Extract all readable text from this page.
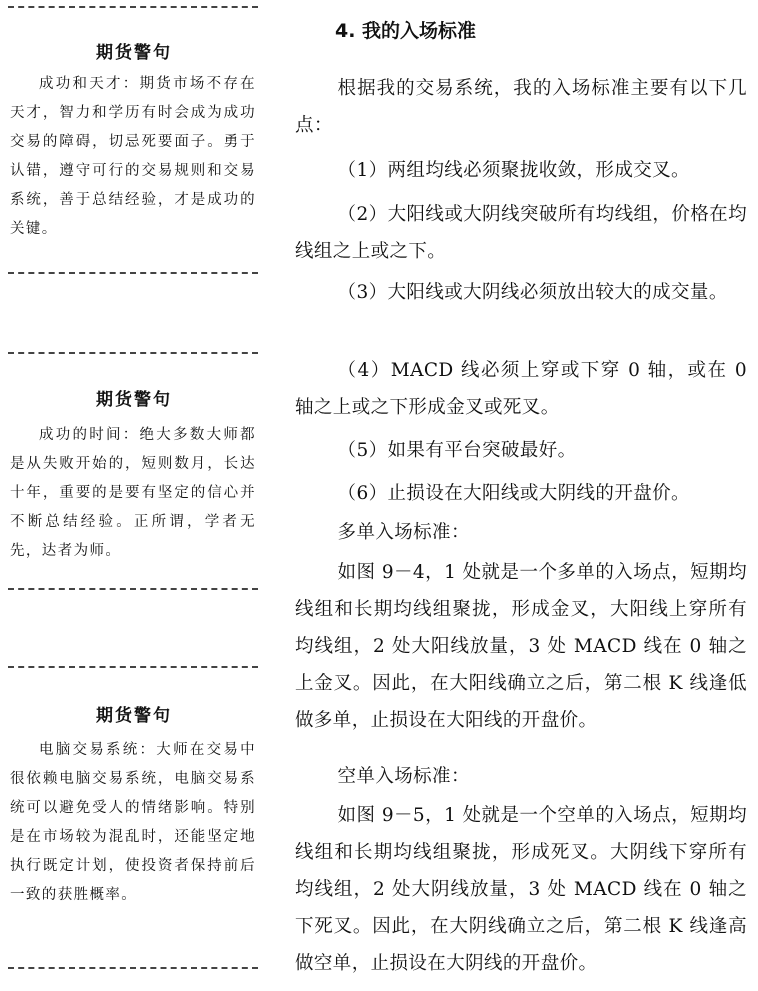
期货警句
成功和天才：期货市场不存在天才，智力和学历有时会成为成功交易的障碍，切忌死要面子。勇于认错，遵守可行的交易规则和交易系统，善于总结经验，才是成功的关键。
期货警句
成功的时间：绝大多数大师都是从失败开始的，短则数月，长达十年，重要的是要有坚定的信心并不断总结经验。正所谓，学者无先，达者为师。
期货警句
电脑交易系统：大师在交易中很依赖电脑交易系统，电脑交易系统可以避免受人的情绪影响。特别是在市场较为混乱时，还能坚定地执行既定计划，使投资者保持前后一致的获胜概率。
4. 我的入场标准
根据我的交易系统，我的入场标准主要有以下几点：
（1）两组均线必须聚拢收敛，形成交叉。
（2）大阳线或大阴线突破所有均线组，价格在均线组之上或之下。
（3）大阳线或大阴线必须放出较大的成交量。
（4）MACD 线必须上穿或下穿 0 轴，或在 0 轴之上或之下形成金叉或死叉。
（5）如果有平台突破最好。
（6）止损设在大阳线或大阴线的开盘价。
多单入场标准：
如图 9－4，1 处就是一个多单的入场点，短期均线组和长期均线组聚拢，形成金叉，大阳线上穿所有均线组，2 处大阳线放量，3 处 MACD 线在 0 轴之上金叉。因此，在大阳线确立之后，第二根 K 线逢低做多单，止损设在大阳线的开盘价。
空单入场标准：
如图 9－5，1 处就是一个空单的入场点，短期均线组和长期均线组聚拢，形成死叉。大阴线下穿所有均线组，2 处大阴线放量，3 处 MACD 线在 0 轴之下死叉。因此，在大阴线确立之后，第二根 K 线逢高做空单，止损设在大阴线的开盘价。
